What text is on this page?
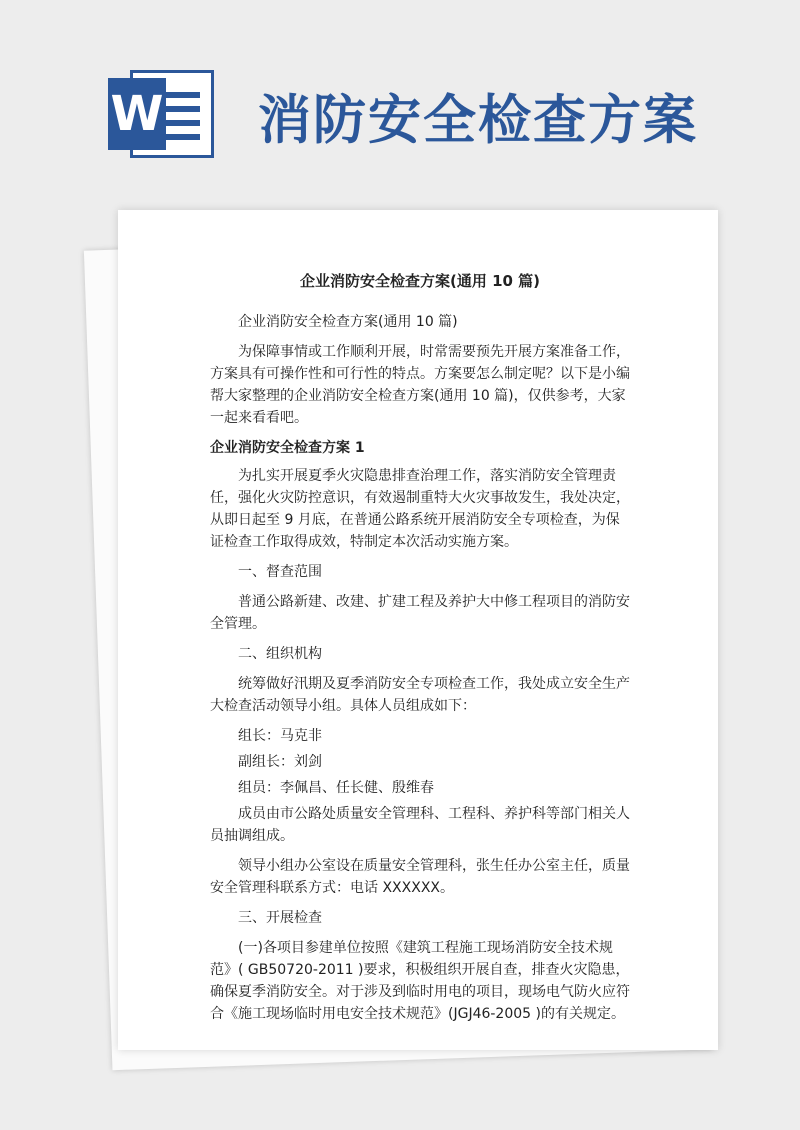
W 消防安全检查方案
企业消防安全检查方案(通用 10 篇)

企业消防安全检查方案(通用 10 篇)

为保障事情或工作顺利开展，时常需要预先开展方案准备工作，方案具有可操作性和可行性的特点。方案要怎么制定呢？以下是小编帮大家整理的企业消防安全检查方案(通用 10 篇)，仅供参考，大家一起来看看吧。

企业消防安全检查方案 1

为扎实开展夏季火灾隐患排查治理工作，落实消防安全管理责任，强化火灾防控意识，有效遏制重特大火灾事故发生，我处决定，从即日起至 9 月底，在普通公路系统开展消防安全专项检查，为保证检查工作取得成效，特制定本次活动实施方案。

一、督查范围

普通公路新建、改建、扩建工程及养护大中修工程项目的消防安全管理。

二、组织机构

统筹做好汛期及夏季消防安全专项检查工作，我处成立安全生产大检查活动领导小组。具体人员组成如下：

组长：马克非

副组长：刘剑

组员：李佩昌、任长健、殷维春

成员由市公路处质量安全管理科、工程科、养护科等部门相关人员抽调组成。

领导小组办公室设在质量安全管理科，张生任办公室主任，质量安全管理科联系方式：电话 XXXXXX。

三、开展检查

(一)各项目参建单位按照《建筑工程施工现场消防安全技术规范》( GB50720-2011 )要求，积极组织开展自查，排查火灾隐患，确保夏季消防安全。对于涉及到临时用电的项目，现场电气防火应符合《施工现场临时用电安全技术规范》(JGJ46-2005 )的有关规定。
